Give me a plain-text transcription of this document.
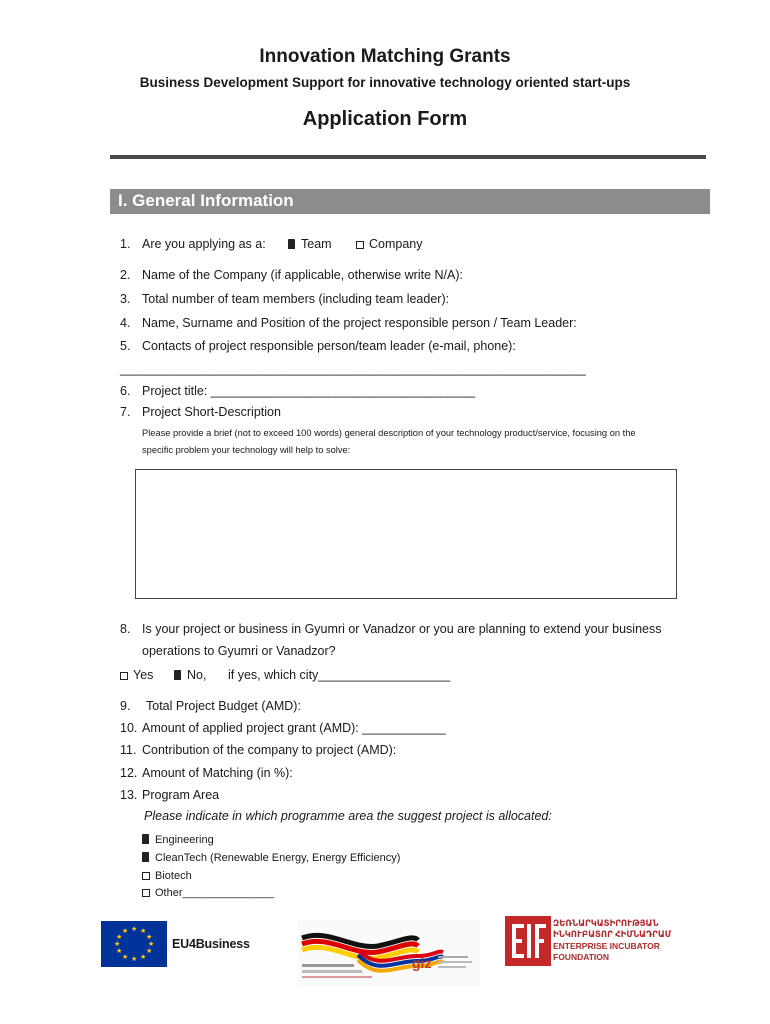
Innovation Matching Grants
Business Development Support for innovative technology oriented start-ups
Application Form
I. General Information
1. Are you applying as a:	Team	Company
2. Name of the Company (if applicable, otherwise write N/A):
3. Total number of team members (including team leader):
4. Name, Surname and Position of the project responsible person / Team Leader:
5. Contacts of project responsible person/team leader (e-mail, phone):
___________________________________________________________________
6. Project title: ______________________________________
7. Project Short-Description
Please provide a brief (not to exceed 100 words) general description of your technology product/service, focusing on the
specific problem your technology will help to solve:
8. Is your project or business in Gyumri or Vanadzor or you are planning to extend your business
operations to Gyumri or Vanadzor?
Yes	No, if yes, which city___________________
9. Total Project Budget (AMD):
10. Amount of applied project grant (AMD): ____________
11. Contribution of the company to project (AMD):
12. Amount of Matching (in %):
13. Program Area
Please indicate in which programme area the suggest project is allocated:
Engineering
CleanTech (Renewable Energy, Energy Efficiency)
Biotech
Other_______________
★ ★
★
★
★
★
★
★
★
★
★
★
EU4Business
giz
ԶԵՌՆԱՐԿԱՏԻՐՈՒԹՅԱՆ
ԻՆԿՈՒԲԱՏՈՐ ՀԻՄՆԱԴՐԱՄ
ENTERPRISE INCUBATOR
FOUNDATION
